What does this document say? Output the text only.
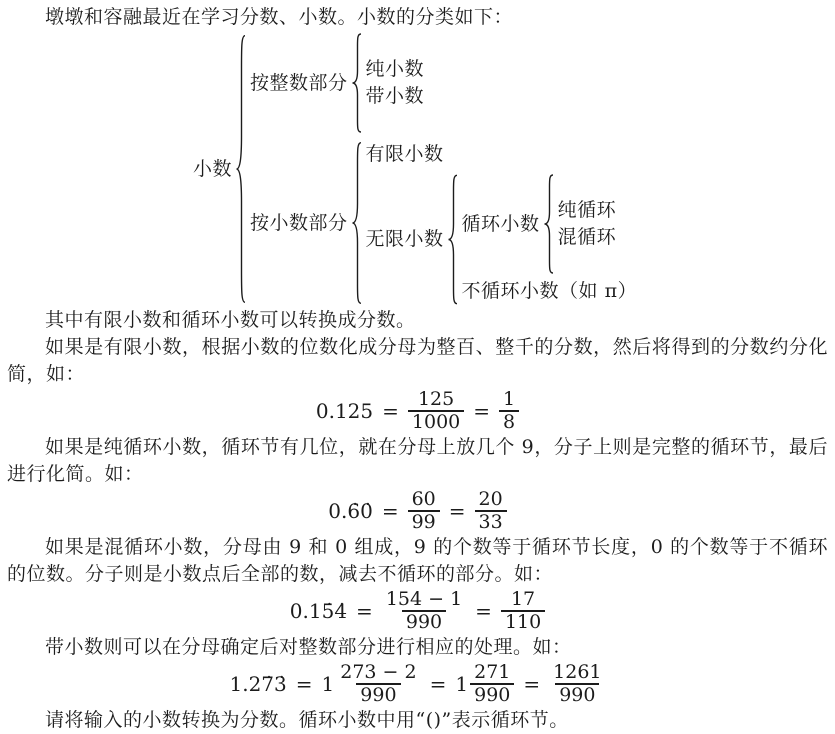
墩墩和容融最近在学习分数、小数。小数的分类如下：

小数
按整数部分
纯小数
带小数
按小数部分
有限小数
无限小数
循环小数
纯循环
混循环
不循环小数（如 π）

其中有限小数和循环小数可以转换成分数。

如果是有限小数，根据小数的位数化成分母为整百、整千的分数，然后将得到的分数约分化简，如：

$0.125 = \frac{125}{1000} = \frac{1}{8}$

如果是纯循环小数，循环节有几位，就在分母上放几个 9，分子上则是完整的循环节，最后进行化简。如：

0.6̇0̇ = $\frac{60}{99} = \frac{20}{33}$

如果是混循环小数，分母由 9 和 0 组成，9 的个数等于循环节长度，0 的个数等于不循环的位数。分子则是小数点后全部的数，减去不循环的部分。如：

0.15̇4̇ = $\frac{154 - 1}{990} = \frac{17}{110}$

带小数则可以在分母确定后对整数部分进行相应的处理。如：

1.27̇3̇ = $1 \frac{273 - 2}{990} = 1 \frac{271}{990} = \frac{1261}{990}$

请将输入的小数转换为分数。循环小数中用“()”表示循环节。
